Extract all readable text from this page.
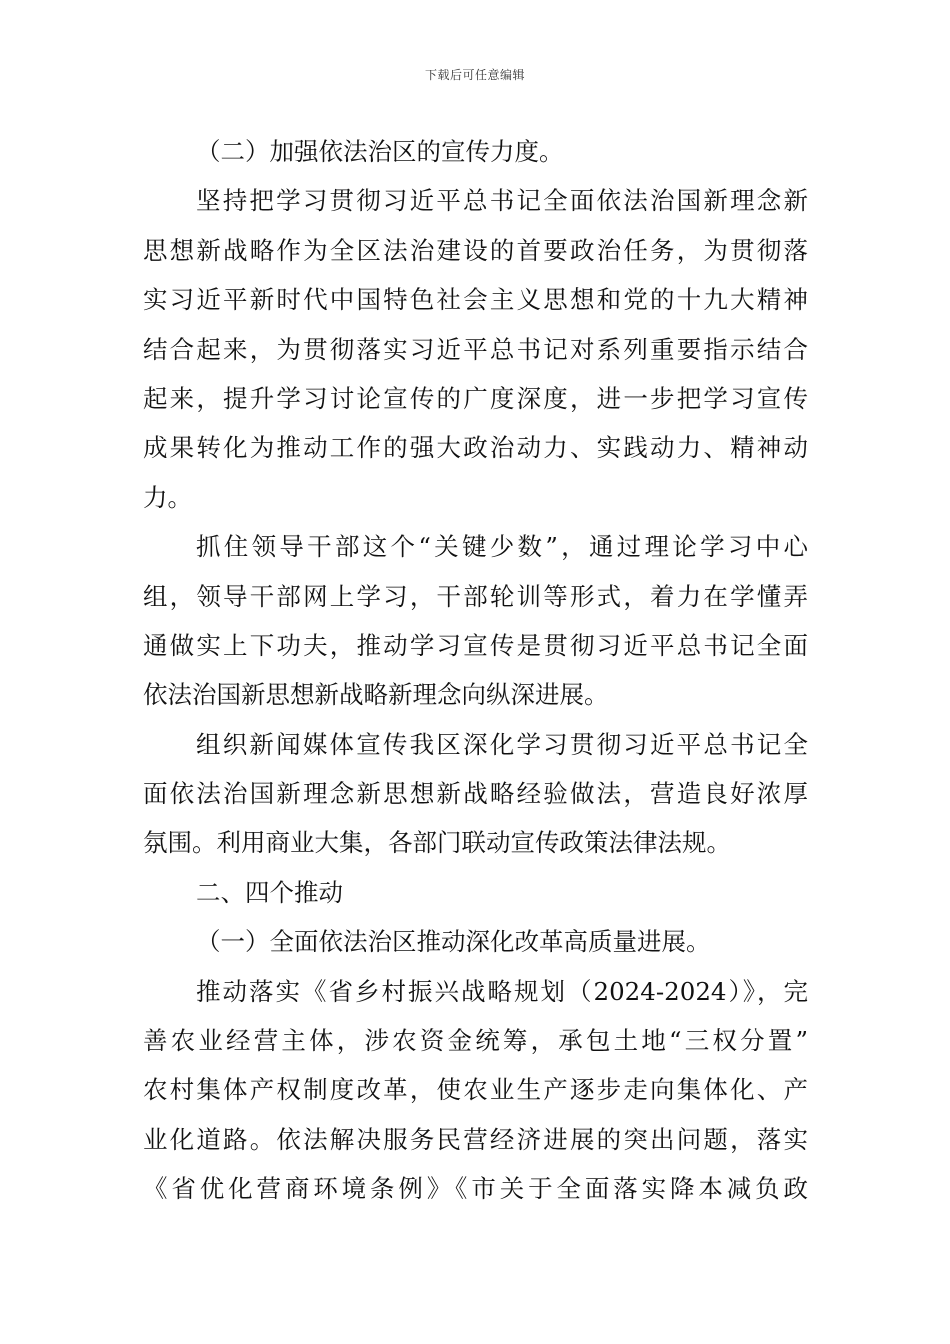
下载后可任意编辑
（二）加强依法治区的宣传力度。
坚持把学习贯彻习近平总书记全面依法治国新理念新
思想新战略作为全区法治建设的首要政治任务，为贯彻落
实习近平新时代中国特色社会主义思想和党的十九大精神
结合起来，为贯彻落实习近平总书记对系列重要指示结合
起来，提升学习讨论宣传的广度深度，进一步把学习宣传
成果转化为推动工作的强大政治动力、实践动力、精神动
力。
抓住领导干部这个“关键少数”，通过理论学习中心
组，领导干部网上学习，干部轮训等形式，着力在学懂弄
通做实上下功夫，推动学习宣传是贯彻习近平总书记全面
依法治国新思想新战略新理念向纵深进展。
组织新闻媒体宣传我区深化学习贯彻习近平总书记全
面依法治国新理念新思想新战略经验做法，营造良好浓厚
氛围。利用商业大集，各部门联动宣传政策法律法规。
二、四个推动
（一）全面依法治区推动深化改革高质量进展。
推动落实《省乡村振兴战略规划（2024-2024）》，完
善农业经营主体，涉农资金统筹，承包土地“三权分置”
农村集体产权制度改革，使农业生产逐步走向集体化、产
业化道路。依法解决服务民营经济进展的突出问题，落实
《省优化营商环境条例》《市关于全面落实降本减负政
